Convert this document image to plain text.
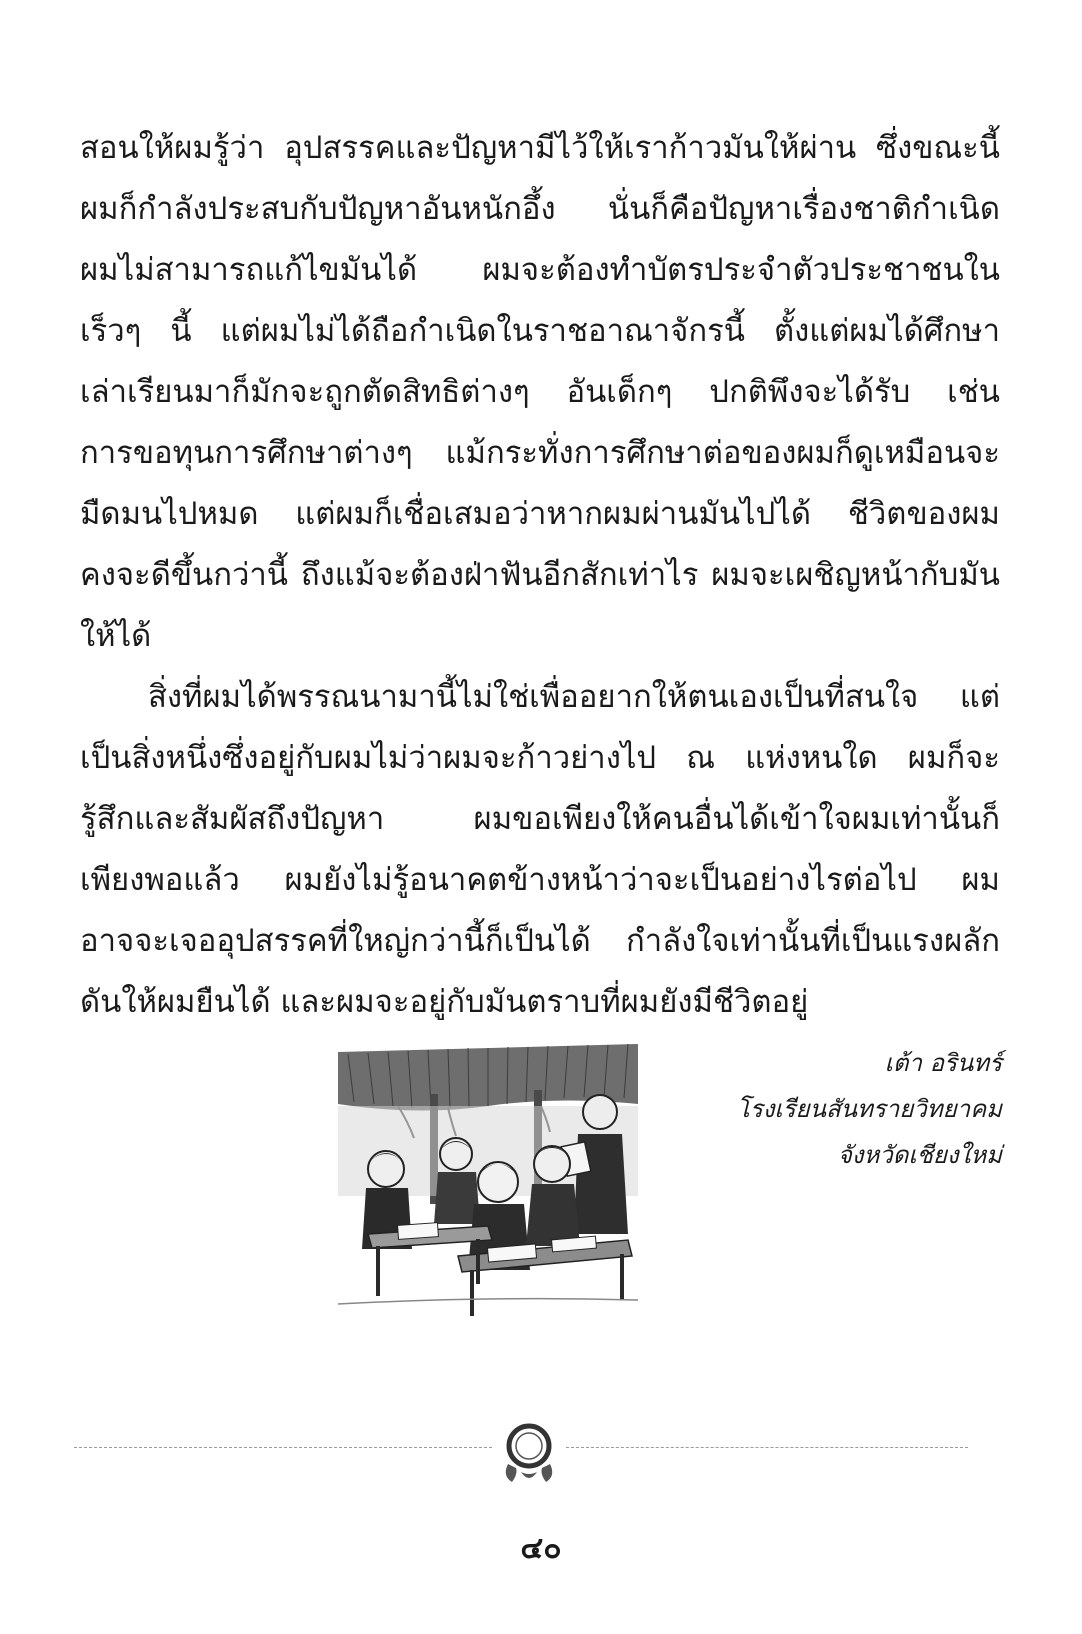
สอนให้ผมรู้ว่า อุปสรรคและปัญหามีไว้ให้เราก้าวมันให้ผ่าน ซึ่งขณะนี้
ผมก็กำลังประสบกับปัญหาอันหนักอึ้ง นั่นก็คือปัญหาเรื่องชาติกำเนิด
ผมไม่สามารถแก้ไขมันได้ ผมจะต้องทำบัตรประจำตัวประชาชนใน
เร็วๆ นี้ แต่ผมไม่ได้ถือกำเนิดในราชอาณาจักรนี้ ตั้งแต่ผมได้ศึกษา
เล่าเรียนมาก็มักจะถูกตัดสิทธิต่างๆ อันเด็กๆ ปกติพึงจะได้รับ เช่น
การขอทุนการศึกษาต่างๆ แม้กระทั่งการศึกษาต่อของผมก็ดูเหมือนจะ
มืดมนไปหมด แต่ผมก็เชื่อเสมอว่าหากผมผ่านมันไปได้ ชีวิตของผม
คงจะดีขึ้นกว่านี้ ถึงแม้จะต้องฝ่าฟันอีกสักเท่าไร ผมจะเผชิญหน้ากับมัน
ให้ได้
สิ่งที่ผมได้พรรณนามานี้ไม่ใช่เพื่ออยากให้ตนเองเป็นที่สนใจ แต่
เป็นสิ่งหนึ่งซึ่งอยู่กับผมไม่ว่าผมจะก้าวย่างไป ณ แห่งหนใด ผมก็จะ
รู้สึกและสัมผัสถึงปัญหา ผมขอเพียงให้คนอื่นได้เข้าใจผมเท่านั้นก็
เพียงพอแล้ว ผมยังไม่รู้อนาคตข้างหน้าว่าจะเป็นอย่างไรต่อไป ผม
อาจจะเจออุปสรรคที่ใหญ่กว่านี้ก็เป็นได้ กำลังใจเท่านั้นที่เป็นแรงผลัก
ดันให้ผมยืนได้ และผมจะอยู่กับมันตราบที่ผมยังมีชีวิตอยู่
เต้า อรินทร์
โรงเรียนสันทรายวิทยาคม
จังหวัดเชียงใหม่
๔๐
